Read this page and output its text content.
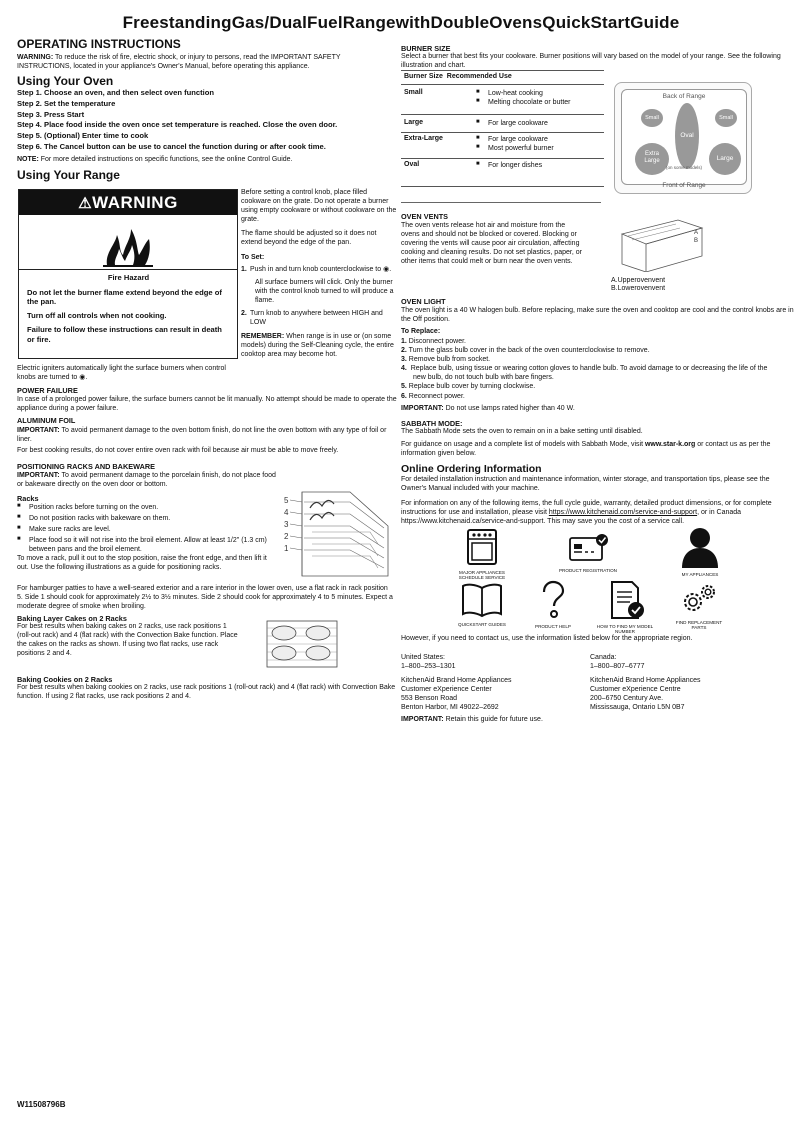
FreestandingGas/DualFuelRangewithDoubleOvensQuickStartGuide
OPERATING INSTRUCTIONS
WARNING: To reduce the risk of fire, electric shock, or injury to persons, read the IMPORTANT SAFETY INSTRUCTIONS, located in your appliance's Owner's Manual, before operating this appliance.
Using Your Oven
Step 1. Choose an oven, and then select oven function
Step 2. Set the temperature
Step 3. Press Start
Step 4. Place food inside the oven once set temperature is reached. Close the oven door.
Step 5. (Optional) Enter time to cook
Step 6. The Cancel button can be use to cancel the function during or after cook time.
NOTE: For more detailed instructions on specific functions, see the online Control Guide.
Using Your Range
⚠WARNING

Fire Hazard

Do not let the burner flame extend beyond the edge of the pan.

Turn off all controls when not cooking.

Failure to follow these instructions can result in death or fire.

Before setting a control knob, place filled cookware on the grate. Do not operate a burner using empty cookware or without cookware on the grate.

The flame should be adjusted so it does not extend beyond the edge of the pan.

To Set:

1. Push in and turn knob counterclockwise to ◉.
All surface burners will click. Only the burner with the control knob turned to will produce a flame.
2. Turn knob to anywhere between HIGH and LOW

REMEMBER: When range is in use or (on some models) during the Self-Cleaning cycle, the entire cooktop area may become hot.

Electric igniters automatically light the surface burners when control knobs are turned to ◉.
POWER FAILURE
In case of a prolonged power failure, the surface burners cannot be lit manually. No attempt should be made to operate the appliance during a power failure.
ALUMINUM FOIL
IMPORTANT: To avoid permanent damage to the oven bottom finish, do not line the oven bottom with any type of foil or liner.
For best cooking results, do not cover entire oven rack with foil because air must be able to move freely.
POSITIONING RACKS AND BAKEWARE
IMPORTANT: To avoid permanent damage to the porcelain finish, do not place food or bakeware directly on the oven door or bottom.
Racks
■ Position racks before turning on the oven.
■ Do not position racks with bakeware on them.
■ Make sure racks are level.
■ Place food so it will not rise into the broil element. Allow at least 1/2" (1.3 cm) between pans and the broil element.
To move a rack, pull it out to the stop position, raise the front edge, and then lift it out. Use the following illustrations as a guide for positioning racks.
5
4
3
2
1
For hamburger patties to have a well-seared exterior and a rare interior in the lower oven, use a flat rack in rack position 5. Side 1 should cook for approximately 2½ to 3½ minutes. Side 2 should cook for approximately 4 to 5 minutes. Expect a moderate degree of smoke when broiling.
Baking Layer Cakes on 2 Racks
For best results when baking cakes on 2 racks, use rack positions 1 (roll-out rack) and 4 (flat rack) with the Convection Bake function. Place the cakes on the racks as shown. If using two flat racks, use rack positions 2 and 4.
Baking Cookies on 2 Racks
For best results when baking cookies on 2 racks, use rack positions 1 (roll-out rack) and 4 (flat rack) with Convection Bake function. If using 2 flat racks, use rack positions 2 and 4.
W11508796B
BURNER SIZE
Select a burner that best fits your cookware. Burner positions will vary based on the model of your range. See the following illustration and chart.
Burner Size Recommended Use
Small	■ Low-heat cooking
■ Melting chocolate or butter
Large	■ For large cookware
Extra-Large	■ For large cookware
■ Most powerful burner
Oval	■ For longer dishes
Back of Range
Small	Small
Oval
Extra
Large	Large
(on some models)
Front of Range
OVEN VENTS
The oven vents release hot air and moisture from the ovens and should not be blocked or covered. Blocking or covering the vents will cause poor air circulation, affecting cooking and cleaning results. Do not set plastics, paper, or other items that could melt or burn near the oven vents.
A
B
A.Upperovenvent
B.Lowerovenvent
OVEN LIGHT
The oven light is a 40 W halogen bulb. Before replacing, make sure the oven and cooktop are cool and the control knobs are in the Off position.
To Replace:
1. Disconnect power.
2. Turn the glass bulb cover in the back of the oven counterclockwise to remove.
3. Remove bulb from socket.
4. Replace bulb, using tissue or wearing cotton gloves to handle bulb. To avoid damage to or decreasing the life of the new bulb, do not touch bulb with bare fingers.
5. Replace bulb cover by turning clockwise.
6. Reconnect power.
IMPORTANT: Do not use lamps rated higher than 40 W.
SABBATH MODE:
The Sabbath Mode sets the oven to remain on in a bake setting until disabled.
For guidance on usage and a complete list of models with Sabbath Mode, visit www.star-k.org or contact us as per the information given below.
Online Ordering Information
For detailed installation instruction and maintenance information, winter storage, and transportation tips, please see the Owner's Manual included with your machine.
For information on any of the following items, the full cycle guide, warranty, detailed product dimensions, or for complete instructions for use and installation, please visit https://www.kitchenaid.com/service-and-support, or in Canada https://www.kitchenaid.ca/service-and-support. This may save you the cost of a service call.
MAJOR APPLIANCES SCHEDULE SERVICE
PRODUCT REGISTRATION
MY APPLIANCES
QUICKSTART GUIDES	PRODUCT HELP	HOW TO FIND MY MODEL NUMBER
FIND REPLACEMENT PARTS
However, if you need to contact us, use the information listed below for the appropriate region.

United States:

1–800–253–1301

KitchenAid Brand Home Appliances

Customer eXperience Center

553 Benson Road

Benton Harbor, MI 49022–2692

Canada:

1–800–807–6777

KitchenAid Brand Home Appliances

Customer eXperience Centre

200–6750 Century Ave.

Mississauga, Ontario L5N 0B7

IMPORTANT: Retain this guide for future use.
